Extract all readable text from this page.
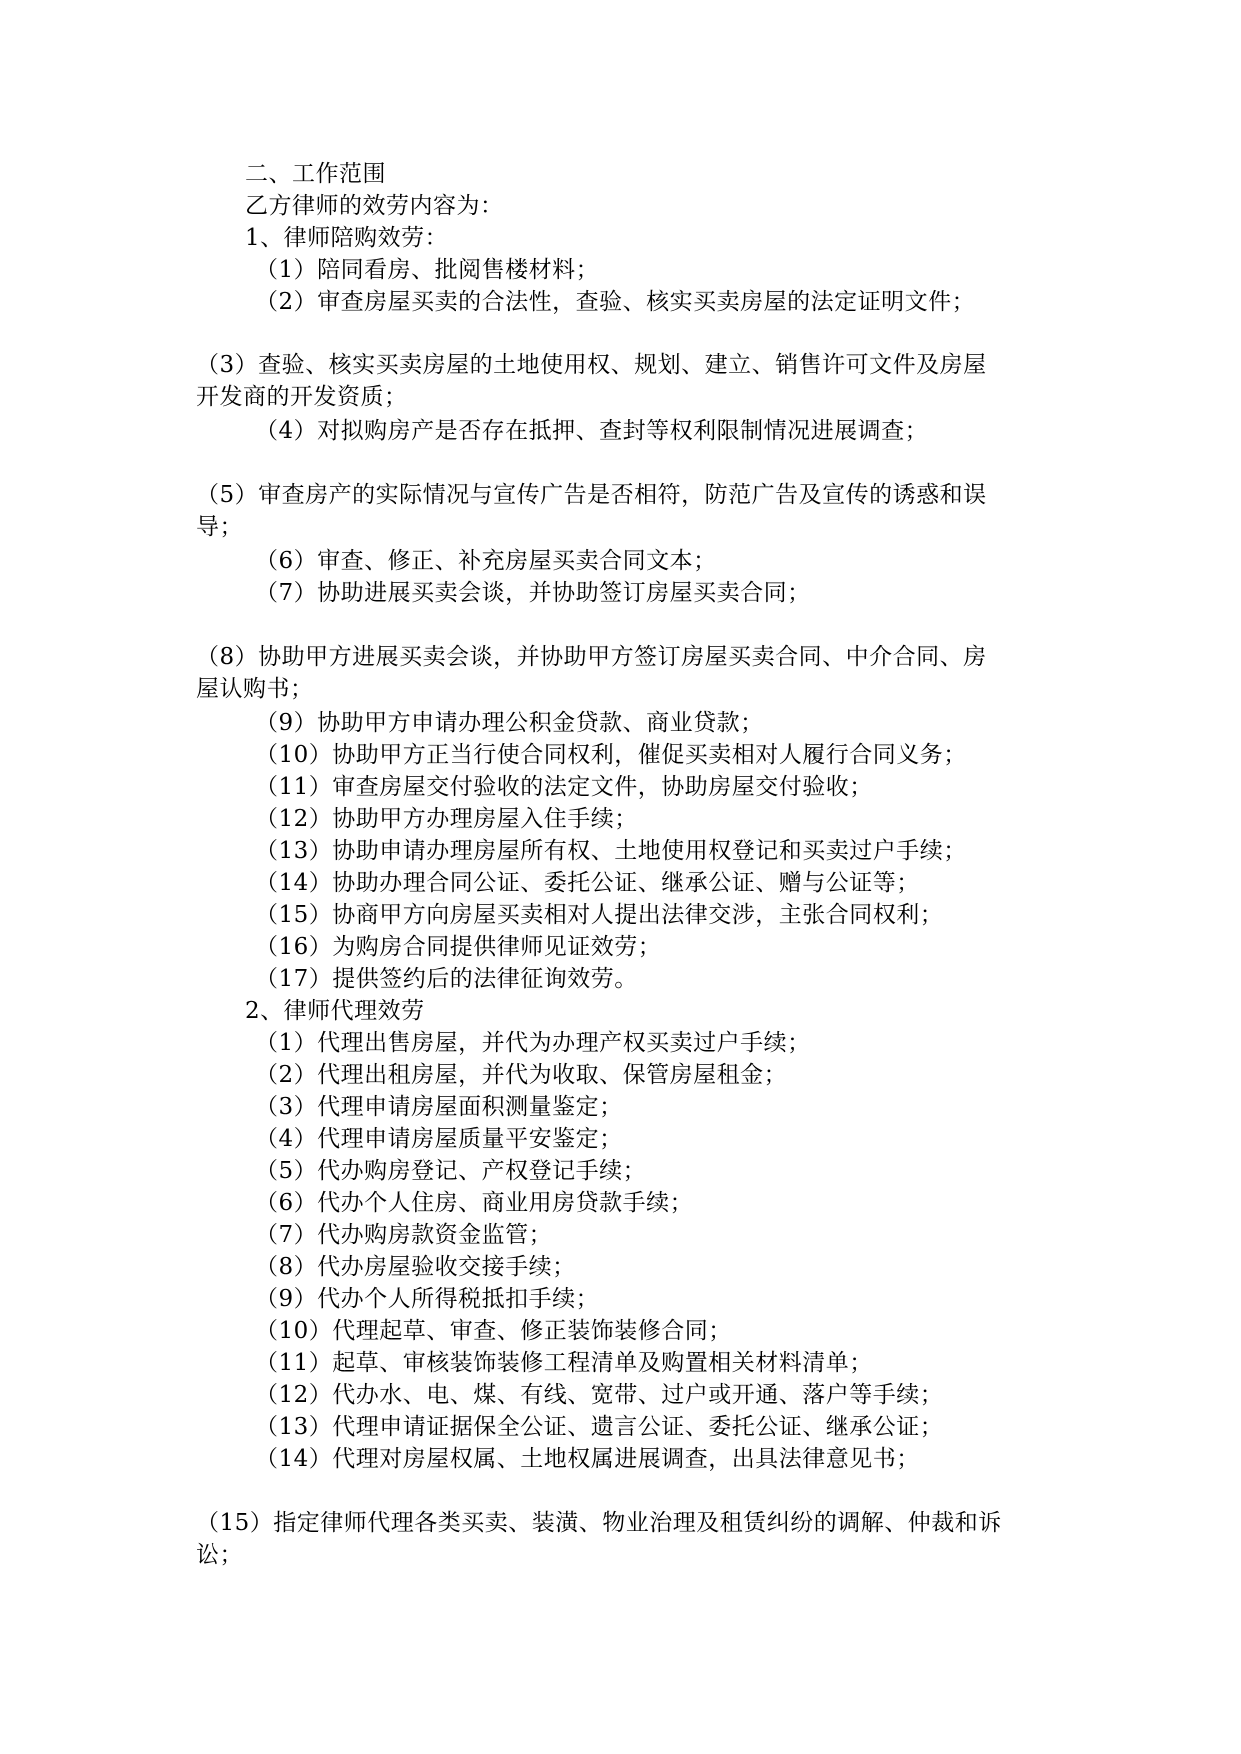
二、工作范围
乙方律师的效劳内容为：
1、律师陪购效劳：
（1）陪同看房、批阅售楼材料；
（2）审查房屋买卖的合法性，查验、核实买卖房屋的法定证明文件；
（3）查验、核实买卖房屋的土地使用权、规划、建立、销售许可文件及房屋
开发商的开发资质；
（4）对拟购房产是否存在抵押、查封等权利限制情况进展调查；
（5）审查房产的实际情况与宣传广告是否相符，防范广告及宣传的诱惑和误
导；
（6）审查、修正、补充房屋买卖合同文本；
（7）协助进展买卖会谈，并协助签订房屋买卖合同；
（8）协助甲方进展买卖会谈，并协助甲方签订房屋买卖合同、中介合同、房
屋认购书；
（9）协助甲方申请办理公积金贷款、商业贷款；
（10）协助甲方正当行使合同权利，催促买卖相对人履行合同义务；
（11）审查房屋交付验收的法定文件，协助房屋交付验收；
（12）协助甲方办理房屋入住手续；
（13）协助申请办理房屋所有权、土地使用权登记和买卖过户手续；
（14）协助办理合同公证、委托公证、继承公证、赠与公证等；
（15）协商甲方向房屋买卖相对人提出法律交涉，主张合同权利；
（16）为购房合同提供律师见证效劳；
（17）提供签约后的法律征询效劳。
2、律师代理效劳
（1）代理出售房屋，并代为办理产权买卖过户手续；
（2）代理出租房屋，并代为收取、保管房屋租金；
（3）代理申请房屋面积测量鉴定；
（4）代理申请房屋质量平安鉴定；
（5）代办购房登记、产权登记手续；
（6）代办个人住房、商业用房贷款手续；
（7）代办购房款资金监管；
（8）代办房屋验收交接手续；
（9）代办个人所得税抵扣手续；
（10）代理起草、审查、修正装饰装修合同；
（11）起草、审核装饰装修工程清单及购置相关材料清单；
（12）代办水、电、煤、有线、宽带、过户或开通、落户等手续；
（13）代理申请证据保全公证、遗言公证、委托公证、继承公证；
（14）代理对房屋权属、土地权属进展调查，出具法律意见书；
（15）指定律师代理各类买卖、装潢、物业治理及租赁纠纷的调解、仲裁和诉
讼；
